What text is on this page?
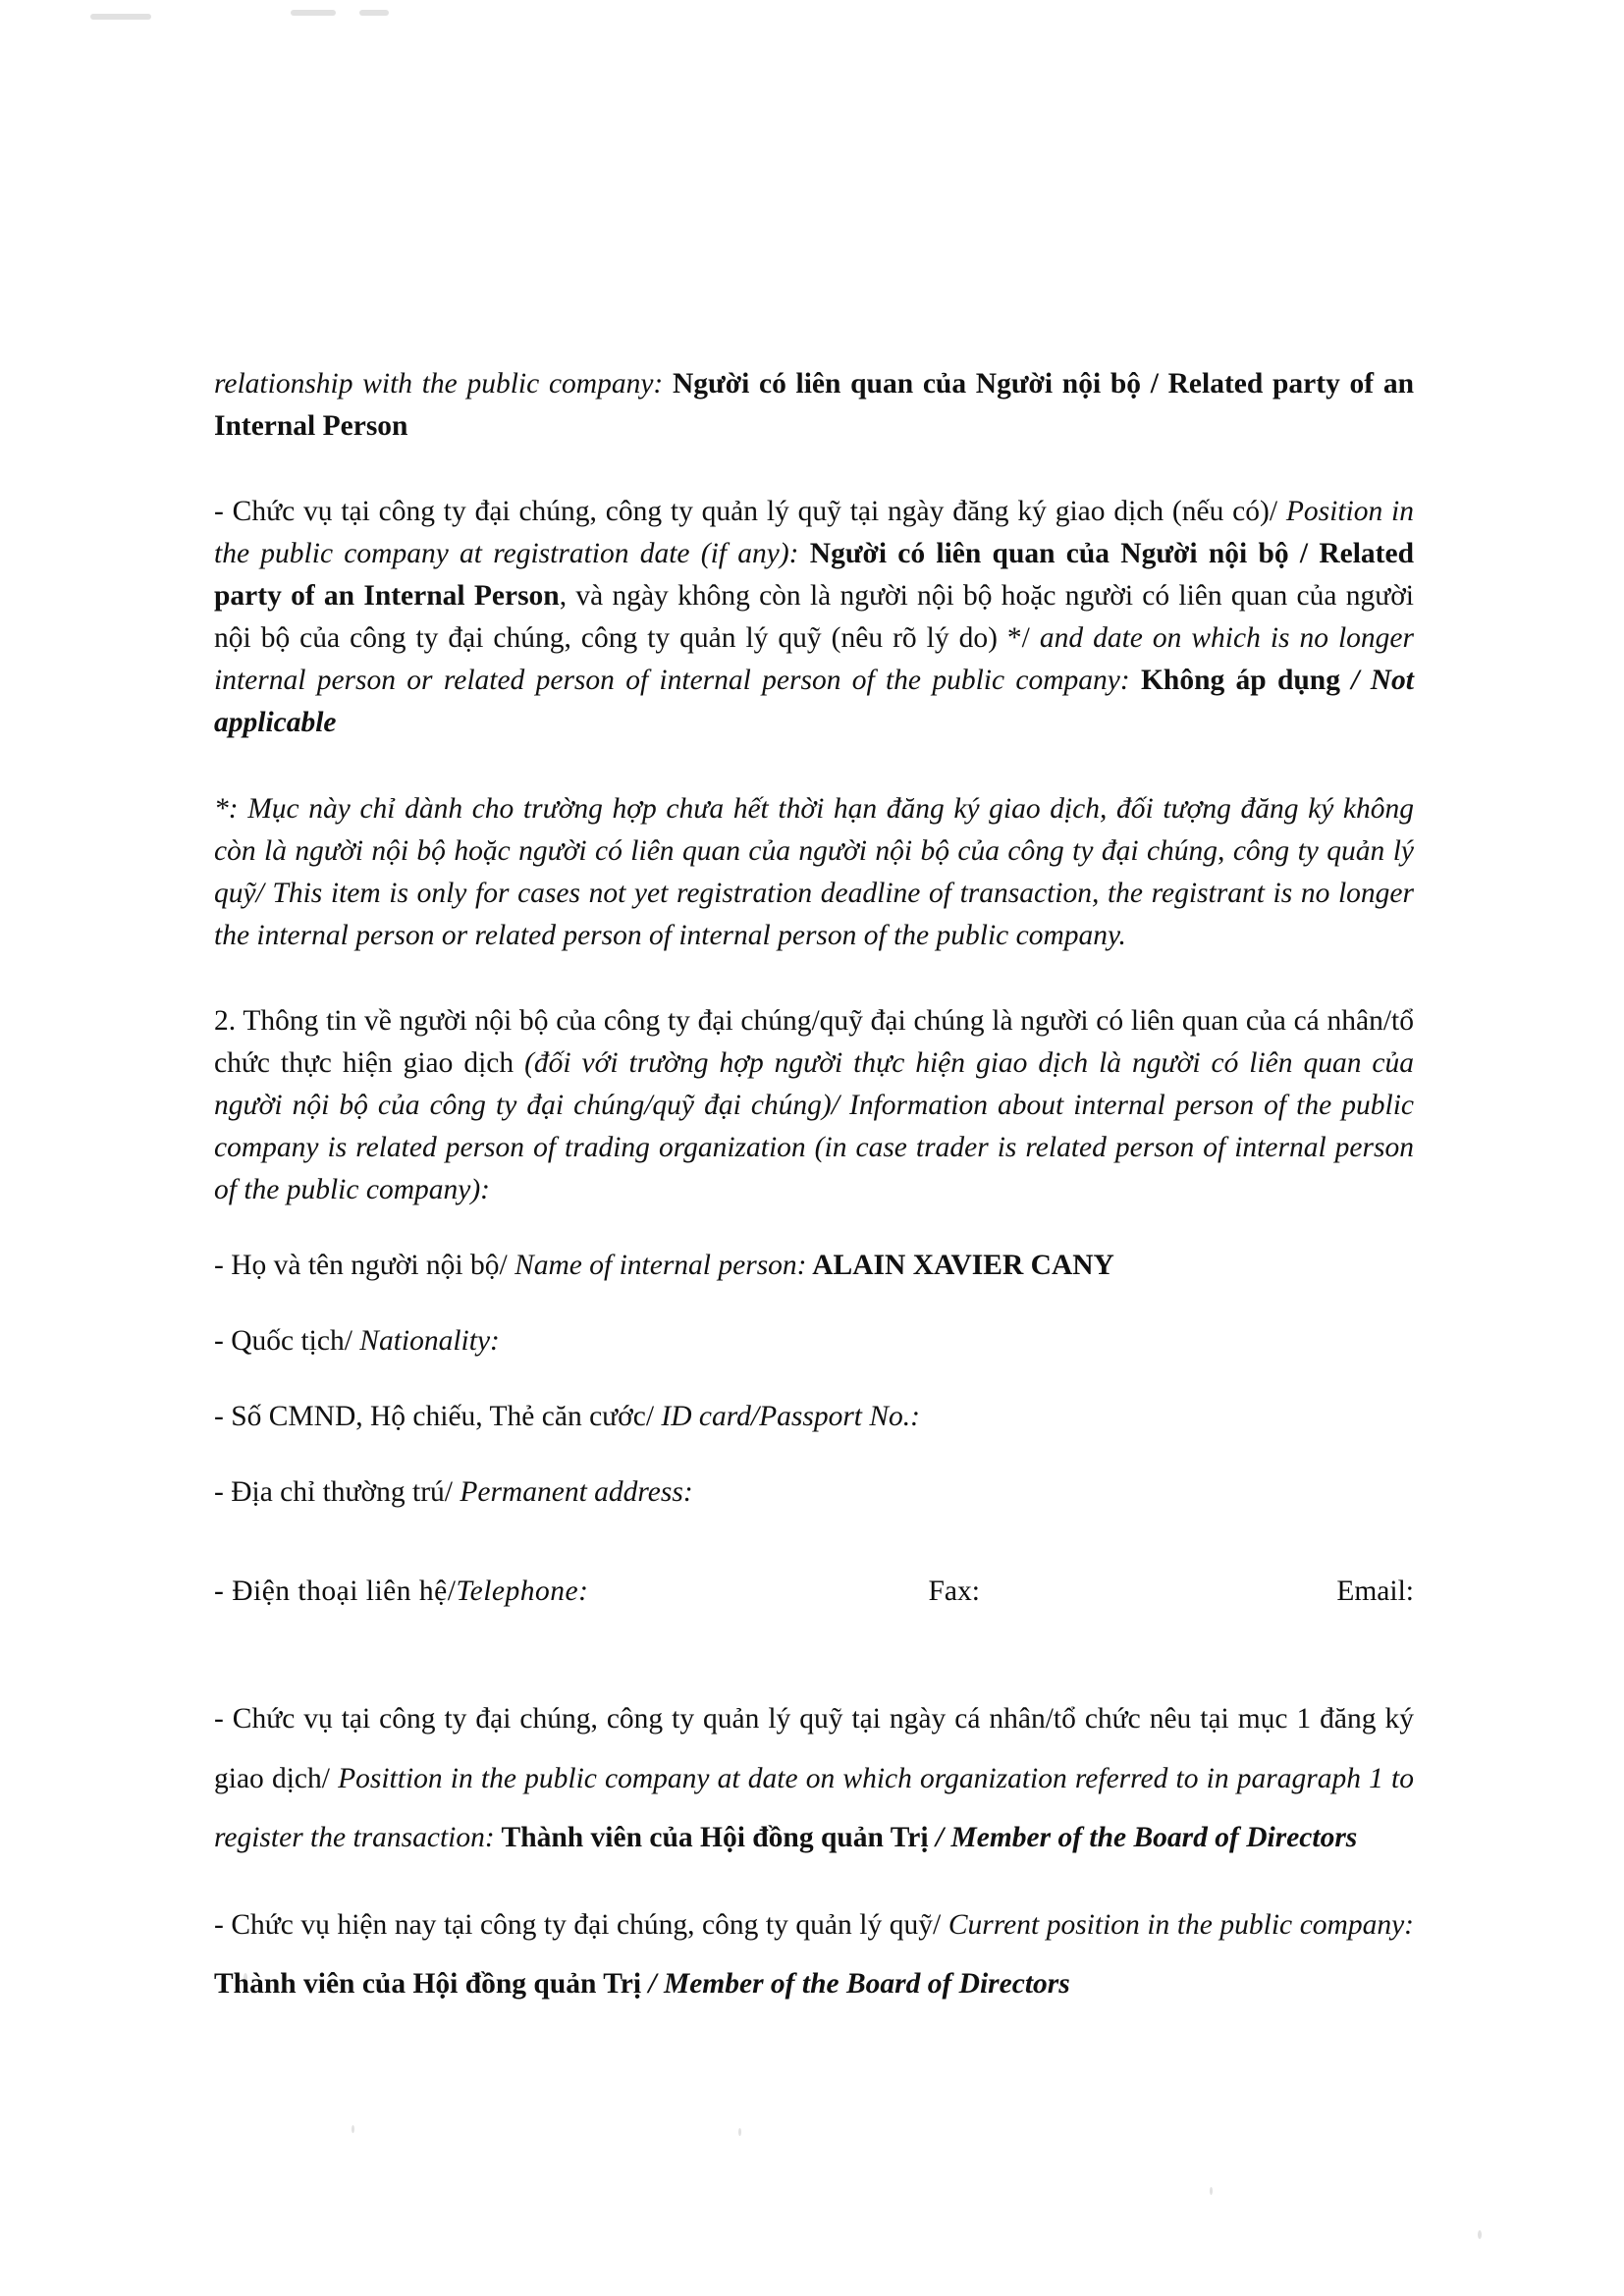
relationship with the public company: Người có liên quan của Người nội bộ / Related party of an Internal Person

- Chức vụ tại công ty đại chúng, công ty quản lý quỹ tại ngày đăng ký giao dịch (nếu có)/ Position in the public company at registration date (if any): Người có liên quan của Người nội bộ / Related party of an Internal Person, và ngày không còn là người nội bộ hoặc người có liên quan của người nội bộ của công ty đại chúng, công ty quản lý quỹ (nêu rõ lý do) */ and date on which is no longer internal person or related person of internal person of the public company: Không áp dụng / Not applicable

*: Mục này chỉ dành cho trường hợp chưa hết thời hạn đăng ký giao dịch, đối tượng đăng ký không còn là người nội bộ hoặc người có liên quan của người nội bộ của công ty đại chúng, công ty quản lý quỹ/ This item is only for cases not yet registration deadline of transaction, the registrant is no longer the internal person or related person of internal person of the public company.

2. Thông tin về người nội bộ của công ty đại chúng/quỹ đại chúng là người có liên quan của cá nhân/tổ chức thực hiện giao dịch (đối với trường hợp người thực hiện giao dịch là người có liên quan của người nội bộ của công ty đại chúng/quỹ đại chúng)/ Information about internal person of the public company is related person of trading organization (in case trader is related person of internal person of the public company):

- Họ và tên người nội bộ/ Name of internal person: ALAIN XAVIER CANY

- Quốc tịch/ Nationality:

- Số CMND, Hộ chiếu, Thẻ căn cước/ ID card/Passport No.:

- Địa chỉ thường trú/ Permanent address:

- Điện thoại liên hệ/ Telephone:	Fax:	Email:

- Chức vụ tại công ty đại chúng, công ty quản lý quỹ tại ngày cá nhân/tổ chức nêu tại mục 1 đăng ký giao dịch/ Posittion in the public company at date on which organization referred to in paragraph 1 to register the transaction: Thành viên của Hội đồng quản Trị / Member of the Board of Directors

- Chức vụ hiện nay tại công ty đại chúng, công ty quản lý quỹ/ Current position in the public company: Thành viên của Hội đồng quản Trị / Member of the Board of Directors
